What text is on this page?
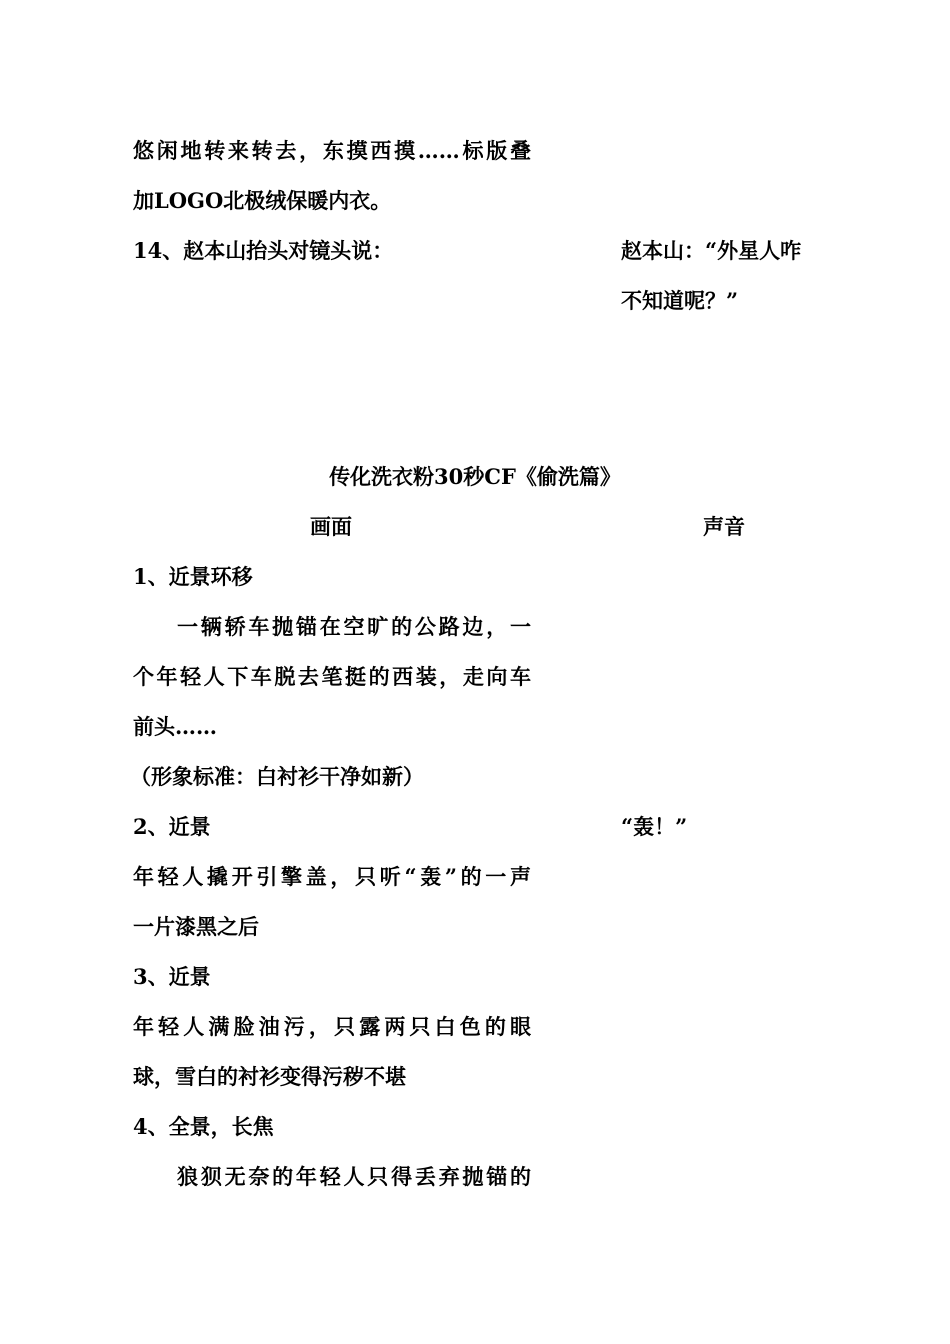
悠闲地转来转去，东摸西摸……标版叠
加LOGO北极绒保暖内衣。
14、赵本山抬头对镜头说：	赵本山：“外星人咋
不知道呢？”
传化洗衣粉30秒CF《偷洗篇》
画面	声音
1、近景环移
一辆轿车抛锚在空旷的公路边，一
个年轻人下车脱去笔挺的西装，走向车
前头……
（形象标准：白衬衫干净如新）
2、近景	“轰！”
年轻人撬开引擎盖，只听“轰”的一声
一片漆黑之后
3、近景
年轻人满脸油污，只露两只白色的眼
球，雪白的衬衫变得污秽不堪
4、全景，长焦
狼狈无奈的年轻人只得丢弃抛锚的
